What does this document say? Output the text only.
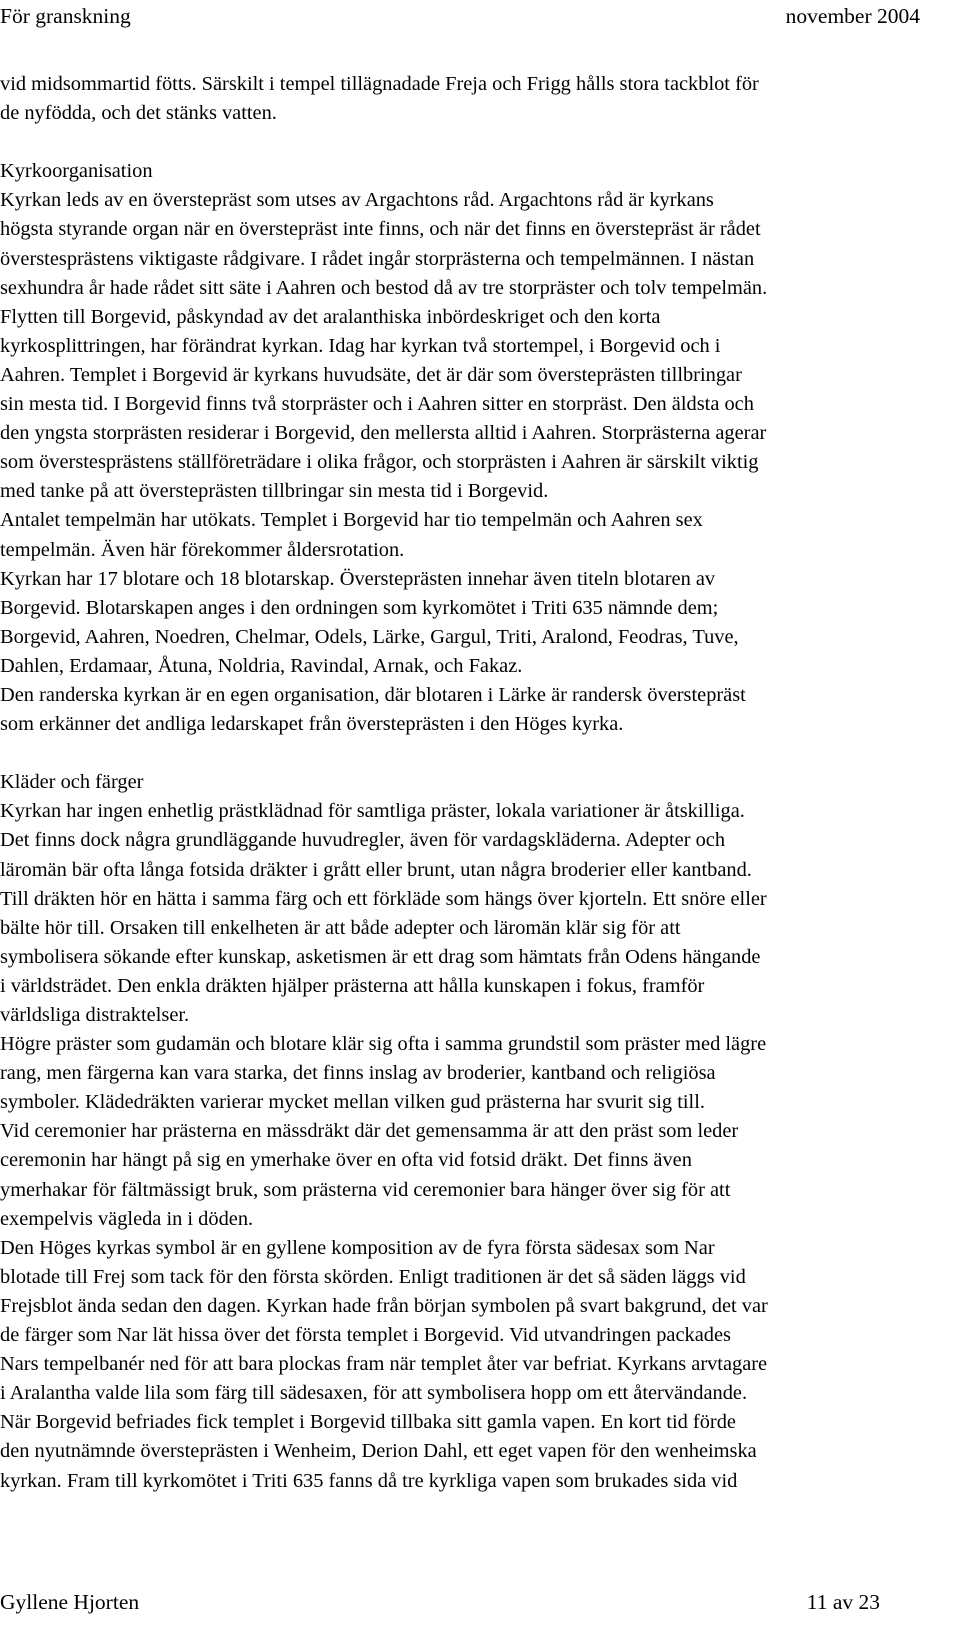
För granskning	november 2004
vid midsommartid fötts. Särskilt i tempel tillägnadade Freja och Frigg hålls stora tackblot för
de nyfödda, och det stänks vatten.
Kyrkoorganisation
Kyrkan leds av en överstepräst som utses av Argachtons råd. Argachtons råd är kyrkans
högsta styrande organ när en överstepräst inte finns, och när det finns en överstepräst är rådet
överstesprästens viktigaste rådgivare. I rådet ingår storprästerna och tempelmännen. I nästan
sexhundra år hade rådet sitt säte i Aahren och bestod då av tre storpräster och tolv tempelmän.
Flytten till Borgevid, påskyndad av det aralanthiska inbördeskriget och den korta
kyrkosplittringen, har förändrat kyrkan. Idag har kyrkan två stortempel, i Borgevid och i
Aahren. Templet i Borgevid är kyrkans huvudsäte, det är där som översteprästen tillbringar
sin mesta tid. I Borgevid finns två storpräster och i Aahren sitter en storpräst. Den äldsta och
den yngsta storprästen residerar i Borgevid, den mellersta alltid i Aahren. Storprästerna agerar
som överstesprästens ställföreträdare i olika frågor, och storprästen i Aahren är särskilt viktig
med tanke på att översteprästen tillbringar sin mesta tid i Borgevid.
Antalet tempelmän har utökats. Templet i Borgevid har tio tempelmän och Aahren sex
tempelmän. Även här förekommer åldersrotation.
Kyrkan har 17 blotare och 18 blotarskap. Översteprästen innehar även titeln blotaren av
Borgevid. Blotarskapen anges i den ordningen som kyrkomötet i Triti 635 nämnde dem;
Borgevid, Aahren, Noedren, Chelmar, Odels, Lärke, Gargul, Triti, Aralond, Feodras, Tuve,
Dahlen, Erdamaar, Åtuna, Noldria, Ravindal, Arnak, och Fakaz.
Den randerska kyrkan är en egen organisation, där blotaren i Lärke är randersk överstepräst
som erkänner det andliga ledarskapet från översteprästen i den Höges kyrka.
Kläder och färger
Kyrkan har ingen enhetlig prästklädnad för samtliga präster, lokala variationer är åtskilliga.
Det finns dock några grundläggande huvudregler, även för vardagskläderna. Adepter och
läromän bär ofta långa fotsida dräkter i grått eller brunt, utan några broderier eller kantband.
Till dräkten hör en hätta i samma färg och ett förkläde som hängs över kjorteln. Ett snöre eller
bälte hör till. Orsaken till enkelheten är att både adepter och läromän klär sig för att
symbolisera sökande efter kunskap, asketismen är ett drag som hämtats från Odens hängande
i världsträdet. Den enkla dräkten hjälper prästerna att hålla kunskapen i fokus, framför
världsliga distraktelser.
Högre präster som gudamän och blotare klär sig ofta i samma grundstil som präster med lägre
rang, men färgerna kan vara starka, det finns inslag av broderier, kantband och religiösa
symboler. Klädedräkten varierar mycket mellan vilken gud prästerna har svurit sig till.
Vid ceremonier har prästerna en mässdräkt där det gemensamma är att den präst som leder
ceremonin har hängt på sig en ymerhake över en ofta vid fotsid dräkt. Det finns även
ymerhakar för fältmässigt bruk, som prästerna vid ceremonier bara hänger över sig för att
exempelvis vägleda in i döden.
Den Höges kyrkas symbol är en gyllene komposition av de fyra första sädesax som Nar
blotade till Frej som tack för den första skörden. Enligt traditionen är det så säden läggs vid
Frejsblot ända sedan den dagen. Kyrkan hade från början symbolen på svart bakgrund, det var
de färger som Nar lät hissa över det första templet i Borgevid. Vid utvandringen packades
Nars tempelbanér ned för att bara plockas fram när templet åter var befriat. Kyrkans arvtagare
i Aralantha valde lila som färg till sädesaxen, för att symbolisera hopp om ett återvändande.
När Borgevid befriades fick templet i Borgevid tillbaka sitt gamla vapen. En kort tid förde
den nyutnämnde översteprästen i Wenheim, Derion Dahl, ett eget vapen för den wenheimska
kyrkan. Fram till kyrkomötet i Triti 635 fanns då tre kyrkliga vapen som brukades sida vid
Gyllene Hjorten	11 av 23
